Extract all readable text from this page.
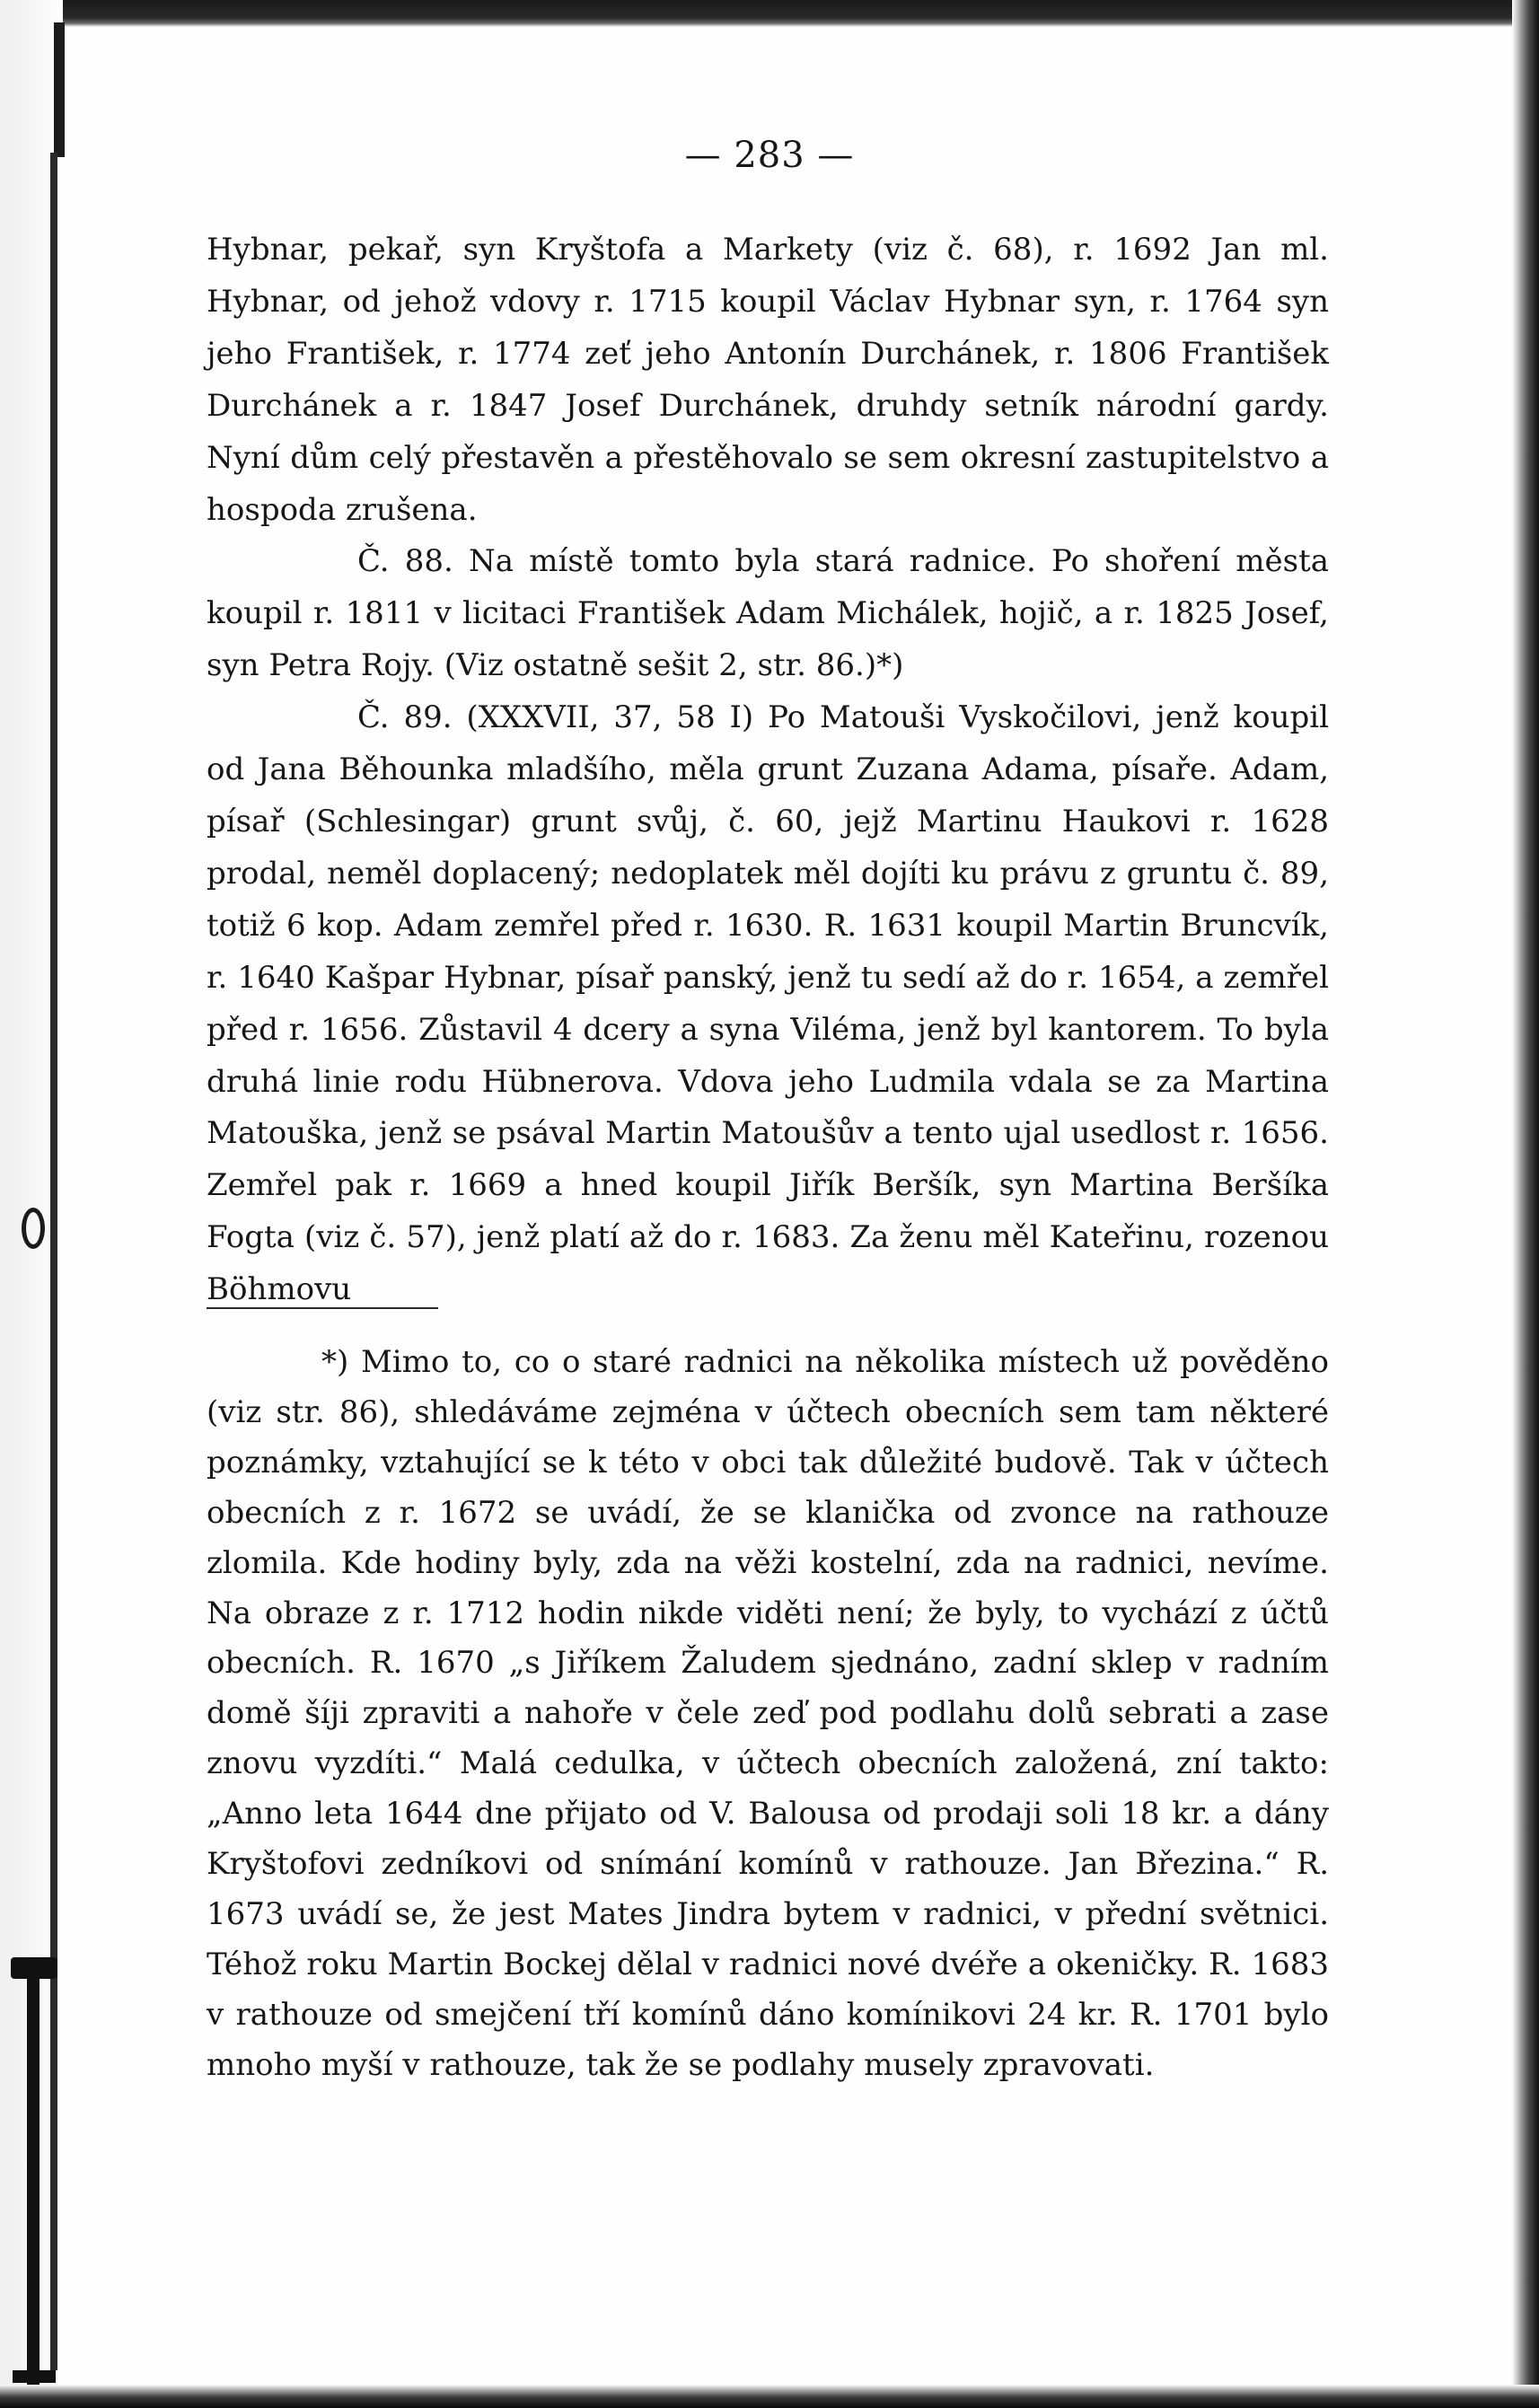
— 283 —

Hybnar, pekař, syn Kryštofa a Markety (viz č. 68), r. 1692 Jan ml. Hybnar, od jehož vdovy r. 1715 koupil Václav Hybnar syn, r. 1764 syn jeho František, r. 1774 zeť jeho Antonín Durchánek, r. 1806 František Durchánek a r. 1847 Josef Durchánek, druhdy setník národní gardy. Nyní dům celý přestavěn a přestěhovalo se sem okresní zastupitelstvo a hospoda zrušena.

Č. 88. Na místě tomto byla stará radnice. Po shoření města koupil r. 1811 v licitaci František Adam Michálek, hojič, a r. 1825 Josef, syn Petra Rojy. (Viz ostatně sešit 2, str. 86.)*)

Č. 89. (XXXVII, 37, 58 I) Po Matouši Vyskočilovi, jenž koupil od Jana Běhounka mladšího, měla grunt Zuzana Adama, písaře. Adam, písař (Schlesingar) grunt svůj, č. 60, jejž Martinu Haukovi r. 1628 prodal, neměl doplacený; nedoplatek měl dojíti ku právu z gruntu č. 89, totiž 6 kop. Adam zemřel před r. 1630. R. 1631 koupil Martin Bruncvík, r. 1640 Kašpar Hybnar, písař panský, jenž tu sedí až do r. 1654, a zemřel před r. 1656. Zůstavil 4 dcery a syna Viléma, jenž byl kantorem. To byla druhá linie rodu Hübnerova. Vdova jeho Ludmila vdala se za Martina Matouška, jenž se psával Martin Matoušův a tento ujal usedlost r. 1656. Zemřel pak r. 1669 a hned koupil Jiřík Beršík, syn Martina Beršíka Fogta (viz č. 57), jenž platí až do r. 1683. Za ženu měl Kateřinu, rozenou Böhmovu

*) Mimo to, co o staré radnici na několika místech už pověděno (viz str. 86), shledáváme zejména v účtech obecních sem tam některé poznámky, vztahující se k této v obci tak důležité budově. Tak v účtech obecních z r. 1672 se uvádí, že se klanička od zvonce na rathouze zlomila. Kde hodiny byly, zda na věži kostelní, zda na radnici, nevíme. Na obraze z r. 1712 hodin nikde viděti není; že byly, to vychází z účtů obecních. R. 1670 „s Jiříkem Žaludem sjednáno, zadní sklep v radním domě šíji zpraviti a nahoře v čele zeď pod podlahu dolů sebrati a zase znovu vyzdíti.“ Malá cedulka, v účtech obecních založená, zní takto: „Anno leta 1644 dne přijato od V. Balousa od prodaji soli 18 kr. a dány Kryštofovi zedníkovi od snímání komínů v rathouze. Jan Březina.“ R. 1673 uvádí se, že jest Mates Jindra bytem v radnici, v přední světnici. Téhož roku Martin Bockej dělal v radnici nové dvéře a okeničky. R. 1683 v rathouze od smejčení tří komínů dáno komínikovi 24 kr. R. 1701 bylo mnoho myší v rathouze, tak že se podlahy musely zpravovati.
